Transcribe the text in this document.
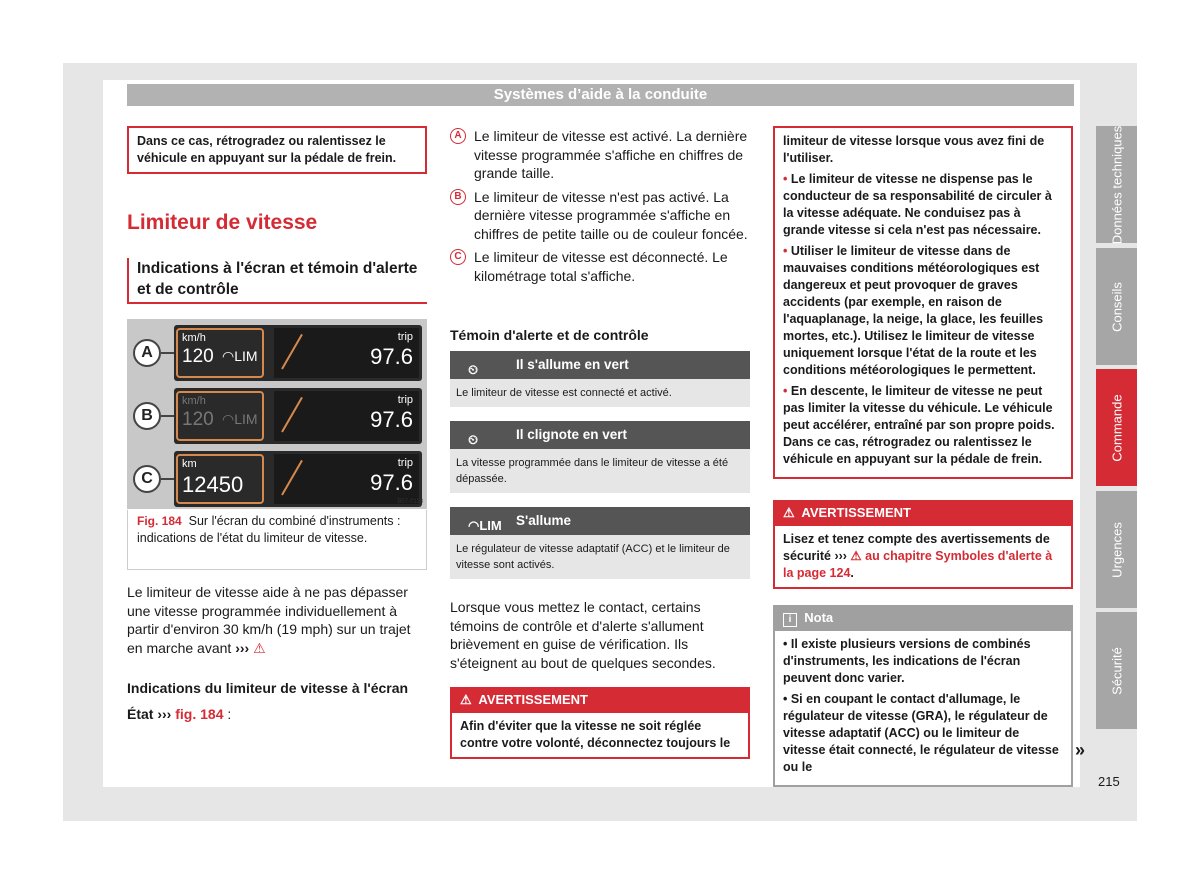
Systèmes d’aide à la conduite
Dans ce cas, rétrogradez ou ralentissez le véhicule en appuyant sur la pédale de frein.
Limiteur de vitesse
Indications à l'écran et témoin d'alerte et de contrôle
A
km/h
120 ◠LIM
trip
97.6
B
km/h
120 ◠LIM
trip
97.6
C
km
12450
trip
97.6
B57-0113
Fig. 184 Sur l'écran du combiné d'instruments : indications de l'état du limiteur de vitesse.

Le limiteur de vitesse aide à ne pas dépasser une vitesse programmée individuellement à partir d'environ 30 km/h (19 mph) sur un trajet en marche avant ››› ⚠

Indications du limiteur de vitesse à l'écran
État ››› fig. 184 :
A Le limiteur de vitesse est activé. La dernière vitesse programmée s'affiche en chiffres de grande taille.
B Le limiteur de vitesse n'est pas activé. La dernière vitesse programmée s'affiche en chiffres de petite taille ou de couleur foncée.
C Le limiteur de vitesse est déconnecté. Le kilométrage total s'affiche.
Témoin d'alerte et de contrôle
⏲	Il s'allume en vert
Le limiteur de vitesse est connecté et activé.
⏲	Il clignote en vert
La vitesse programmée dans le limiteur de vitesse a été dépassée.
◠LIM S'allume
Le régulateur de vitesse adaptatif (ACC) et le limiteur de vitesse sont activés.

Lorsque vous mettez le contact, certains témoins de contrôle et d'alerte s'allument brièvement en guise de vérification. Ils s'éteignent au bout de quelques secondes.

⚠ AVERTISSEMENT
Afin d'éviter que la vitesse ne soit réglée contre votre volonté, déconnectez toujours le
limiteur de vitesse lorsque vous avez fini de l'utiliser.
• Le limiteur de vitesse ne dispense pas le conducteur de sa responsabilité de circuler à la vitesse adéquate. Ne conduisez pas à grande vitesse si cela n'est pas nécessaire.
• Utiliser le limiteur de vitesse dans de mauvaises conditions météorologiques est dangereux et peut provoquer de graves accidents (par exemple, en raison de l'aquaplanage, la neige, la glace, les feuilles mortes, etc.). Utilisez le limiteur de vitesse uniquement lorsque l'état de la route et les conditions météorologiques le permettent.
• En descente, le limiteur de vitesse ne peut pas limiter la vitesse du véhicule. Le véhicule peut accélérer, entraîné par son propre poids. Dans ce cas, rétrogradez ou ralentissez le véhicule en appuyant sur la pédale de frein.
⚠ AVERTISSEMENT
Lisez et tenez compte des avertissements de sécurité ››› ⚠ au chapitre Symboles d'alerte à la page 124.
i Nota
• Il existe plusieurs versions de combinés d'instruments, les indications de l'écran peuvent donc varier.
• Si en coupant le contact d'allumage, le régulateur de vitesse (GRA), le régulateur de vitesse adaptatif (ACC) ou le limiteur de vitesse était connecté, le régulateur de vitesse ou le
»
Données techniques
Conseils
Commande
Urgences
Sécurité
215
